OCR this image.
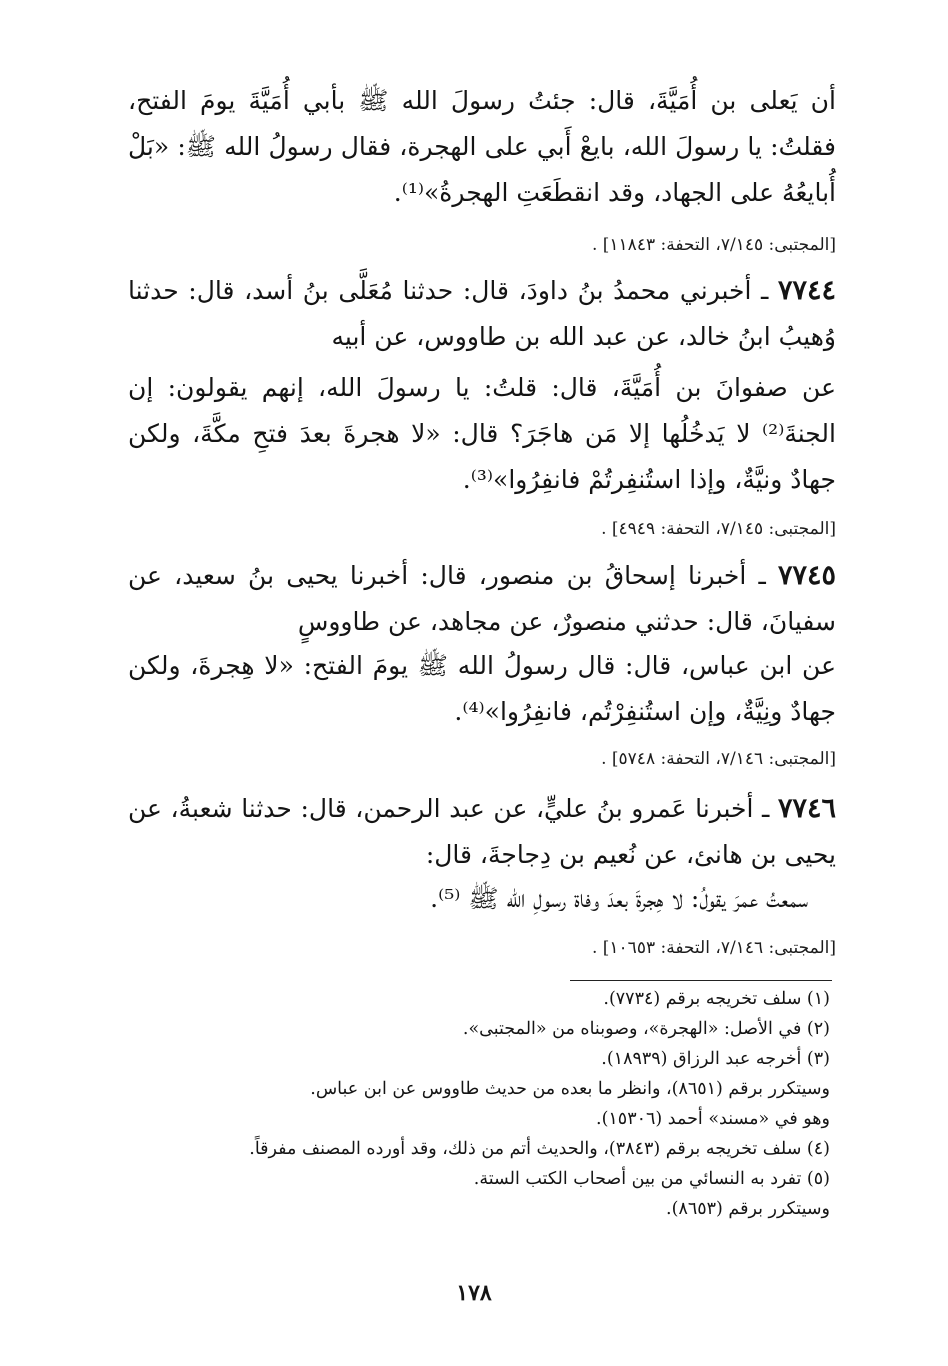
أن يَعلى بن أُمَيَّةَ، قال: جئتُ رسولَ الله ﷺ بأبي أُمَيَّةَ يومَ الفتح، فقلتُ: يا رسولَ الله، بايعْ أَبي على الهجرة، فقال رسولُ الله ﷺ: «بَلْ أُبايعُهُ على الجهاد، وقد انقطَعَتِ الهجرةُ»⁽¹⁾.
[المجتبى: ٧/١٤٥، التحفة: ١١٨٤٣] .
٧٧٤٤ ـ أخبرني محمدُ بنُ داودَ، قال: حدثنا مُعَلَّى بنُ أسد، قال: حدثنا وُهيبُ ابنُ خالد، عن عبد الله بن طاووس، عن أبيه
عن صفوانَ بن أُمَيَّةَ، قال: قلتُ: يا رسولَ الله، إنهم يقولون: إن الجنةَ⁽²⁾ لا يَدخُلُها إلا مَن هاجَرَ؟ قال: «لا هجرةَ بعدَ فتحِ مكَّةَ، ولكن جهادٌ ونيَّةٌ، وإذا استُنفِرتُمْ فانفِرُوا»⁽³⁾.
[المجتبى: ٧/١٤٥، التحفة: ٤٩٤٩] .
٧٧٤٥ ـ أخبرنا إسحاقُ بن منصور، قال: أخبرنا يحيى بنُ سعيد، عن سفيانَ، قال: حدثني منصورٌ، عن مجاهد، عن طاووسٍ
عن ابن عباس، قال: قال رسولُ الله ﷺ يومَ الفتح: «لا هِجرةَ، ولكن جهادٌ ونِيَّةٌ، وإن استُنفِرْتُم، فانفِرُوا»⁽⁴⁾.
[المجتبى: ٧/١٤٦، التحفة: ٥٧٤٨] .
٧٧٤٦ ـ أخبرنا عَمرو بنُ عليٍّ، عن عبد الرحمن، قال: حدثنا شعبةُ، عن يحيى بن هانئ، عن نُعيم بن دِجاجةَ، قال:
سمعتُ عمرَ يقولُ: لا هِجرةَ بعدَ وفاة رسولِ الله ﷺ ⁽⁵⁾.
[المجتبى: ٧/١٤٦، التحفة: ١٠٦٥٣] .

(١) سلف تخريجه برقم (٧٧٣٤).

(٢) في الأصل: «الهجرة»، وصوبناه من «المجتبى».

(٣) أخرجه عبد الرزاق (١٨٩٣٩).

وسيتكرر برقم (٨٦٥١)، وانظر ما بعده من حديث طاووس عن ابن عباس.

وهو في «مسند» أحمد (١٥٣٠٦).

(٤) سلف تخريجه برقم (٣٨٤٣)، والحديث أتم من ذلك، وقد أورده المصنف مفرقاً.

(٥) تفرد به النسائي من بين أصحاب الكتب الستة.

وسيتكرر برقم (٨٦٥٣).

١٧٨
